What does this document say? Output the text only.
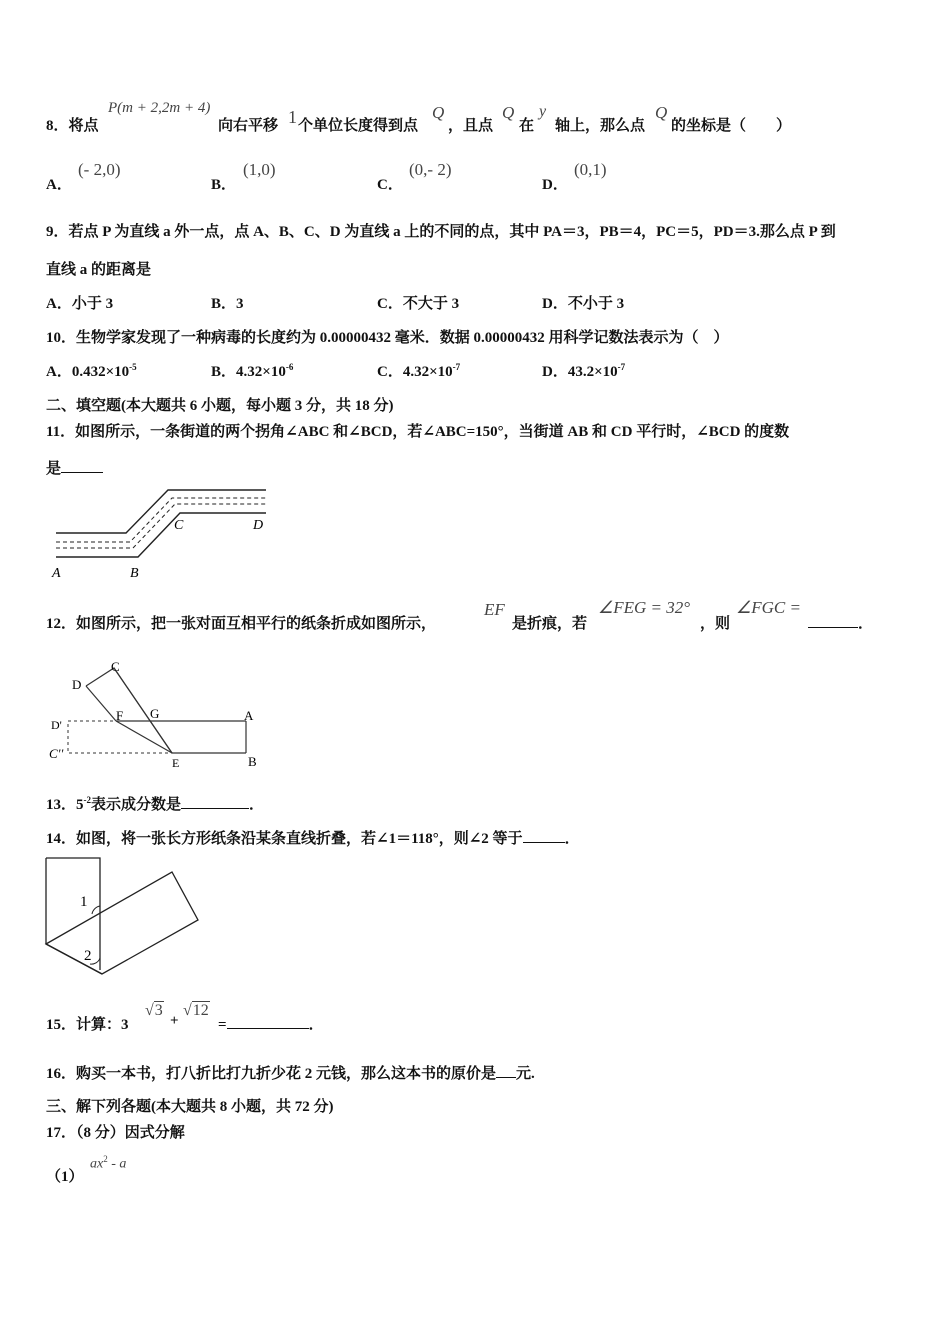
8．将点
P(m + 2,2m + 4)
向右平移 1 个单位长度得到点
Q
，且点
Q
在
y
轴上，那么点
Q
的坐标是（　　）
A．
(- 2,0)
B．
(1,0)
C．
(0,- 2)
D．
(0,1)
9．若点 P 为直线 a 外一点，点 A、B、C、D 为直线 a 上的不同的点，其中 PA＝3，PB＝4，PC＝5，PD＝3.那么点 P 到
直线 a 的距离是
A．小于 3	B．3	C．不大于 3	D．不小于 3
10．生物学家发现了一种病毒的长度约为 0.00000432 毫米．数据 0.00000432 用科学记数法表示为（　）
A．$0.432\times 10^{-5}$	B．$4.32\times 10^{-6}$	C．$4.32\times 10^{-7}$	D．$43.2\times 10^{-7}$
二、填空题(本大题共 6 小题，每小题 3 分，共 18 分)
11．如图所示，一条街道的两个拐角∠ABC 和∠BCD，若∠ABC=150°，当街道 AB 和 CD 平行时，∠BCD 的度数
是
A	B
C	D
12．如图所示，把一张对面互相平行的纸条折成如图所示，
EF
是折痕，若
∠FEG = 32°
，则
∠FGC =
．
C
D
F G	A
D'
C''
E	B
13．$5^{-2}$表示成分数是	．
14．如图，将一张长方形纸条沿某条直线折叠，若∠1＝118°，则∠2 等于	．
1
2
15．计算：3
√3
+
√12
=	．
16．购买一本书，打八折比打九折少花 2 元钱，那么这本书的原价是 元.
三、解下列各题(本大题共 8 小题，共 72 分)
17．（8 分）因式分解
（1）
$ax^2$ - a
